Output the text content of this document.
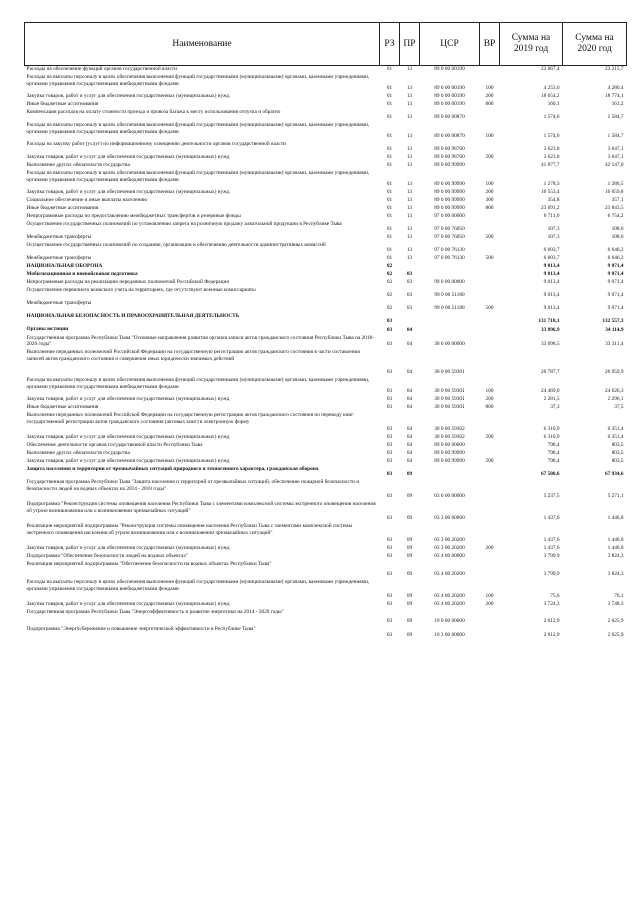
Наименование	РЗ	ПР	ЦСР	ВР	Сумма на 2019 год	Сумма на 2020 год
Расходы на обеспечение функций органов государственной власти	01	13	89 0 00 00190		23 067,4	23 215,7
Расходы на выплаты персоналу в целях обеспечения выполнения функций государственными (муниципальными) органами, казенными учреждениями, органами управления государственными внебюджетными фондами	01	13	89 0 00 00190	100	4 253,0	4 280,4
Закупка товаров, работ и услуг для обеспечения государственных (муниципальных) нужд	01	13	89 0 00 00190	200	18 654,2	18 774,1
Иные бюджетные ассигнования	01	13	89 0 00 00190	800	160,1	161,2
Компенсация расходов на оплату стоимости проезда и провоза багажа к месту использования отпуска и обратно	01	13	89 0 00 00870		1 574,6	1 584,7
Расходы на выплаты персоналу в целях обеспечения выполнения функций государственными (муниципальными) органами, казенными учреждениями, органами управления государственными внебюджетными фондами	01	13	89 0 00 00870	100	1 574,6	1 584,7
Расходы на закупку работ (услуг) по информационному освещению деятельности органов государственной власти	01	13	89 0 00 98700		3 623,8	3 647,1
Закупка товаров, работ и услуг для обеспечения государственных (муниципальных) нужд	01	13	89 0 00 98700	200	3 623,8	3 647,1
Выполнение других обязательств государства	01	13	89 0 00 99990		41 877,7	42 147,0
Расходы на выплаты персоналу в целях обеспечения выполнения функций государственными (муниципальными) органами, казенными учреждениями, органами управления государственными внебюджетными фондами	01	13	89 0 00 99990	100	1 278,3	1 286,5
Закупка товаров, работ и услуг для обеспечения государственных (муниципальных) нужд	01	13	89 0 00 99990	200	16 553,4	16 659,8
Социальное обеспечение и иные выплаты населению	01	13	89 0 00 99990	300	354,8	357,1
Иные бюджетные ассигнования	01	13	89 0 00 99990	800	23 691,2	23 843,5
Непрограммные расходы по предоставлению межбюджетных трансфертов и резервные фонды	01	13	97 0 00 00000		6 711,0	6 754,2
Осуществление государственных полномочий по установлению запрета на розничную продажу алкогольной продукции в Республике Тыва	01	13	97 0 00 76050		107,3	108,0
Межбюджетные трансферты	01	13	97 0 00 76050	500	107,3	108,0
Осуществление государственных полномочий по созданию, организации и обеспечению деятельности административных комиссий	01	13	97 0 00 76130		6 603,7	6 646,2
Межбюджетные трансферты	01	13	97 0 00 76130	500	6 603,7	6 646,2
НАЦИОНАЛЬНАЯ ОБОРОНА	02				9 013,4	9 071,4
Мобилизационная и вневойсковая подготовка	02	03			9 013,4	9 071,4
Непрограммные расходы на реализацию переданных полномочий Российской Федерации	02	03	99 0 00 00000		9 013,4	9 071,4
Осуществление первичного воинского учета на территориях, где отсутствуют военные комиссариаты	02	03	99 0 00 51180		9 013,4	9 071,4
Межбюджетные трансферты	02	03	99 0 00 51180	500	9 013,4	9 071,4
НАЦИОНАЛЬНАЯ БЕЗОПАСНОСТЬ И ПРАВООХРАНИТЕЛЬНАЯ ДЕЯТЕЛЬНОСТЬ	03				131 710,1	132 557,3
Органы юстиции	03	04			33 896,9	34 114,9
Государственная программа Республики Тыва "Основные направления развития органов записи актов гражданского состояния Республики Тыва на 2018-2020 годы"	03	04	30 0 00 00000		33 098,5	33 311,4
Выполнение переданных полномочий Российской Федерации на государственную регистрацию актов гражданского состояния в части составления записей актов гражданского состояния и совершения иных юридически значимых действий	03	04	30 0 00 59301		26 787,7	26 959,9
Расходы на выплаты персоналу в целях обеспечения выполнения функций государственными (муниципальными) органами, казенными учреждениями, органами управления государственными внебюджетными фондами	03	04	30 0 00 59301	100	24 469,0	24 626,3
Закупка товаров, работ и услуг для обеспечения государственных (муниципальных) нужд	03	04	30 0 00 59301	200	2 281,5	2 296,1
Иные бюджетные ассигнования	03	04	30 0 00 59301	800	37,3	37,5
Выполнение переданных полномочий Российской Федерации на государственную регистрацию актов гражданского состояния по переводу книг государственной регистрации актов гражданского состояния (актовых книг) в электронную форму	03	04	30 0 00 59302		6 310,9	6 351,4
Закупка товаров, работ и услуг для обеспечения государственных (муниципальных) нужд	03	04	30 0 00 59302	200	6 310,9	6 351,4
Обеспечение деятельности органов государственной власти Республики Тыва	03	04	89 0 00 00000		798,4	803,5
Выполнение других обязательств государства	03	04	89 0 00 99990		798,4	803,5
Закупка товаров, работ и услуг для обеспечения государственных (муниципальных) нужд	03	04	89 0 00 99990	200	798,4	803,5
Защита населения и территории от чрезвычайных ситуаций природного и техногенного характера, гражданская оборона	03	09			67 500,6	67 934,6
Государственная программа Республики Тыва "Защита населения и территорий от чрезвычайных ситуаций, обеспечение пожарной безопасности и безопасности людей на водных объектах на 2014 - 2018 годы"	03	09	03 0 00 00000		5 237,5	5 271,1
Подпрограмма "Реконструкция системы оповещения населения Республики Тыва с элементами комплексной системы экстренного оповещения населения об угрозе возникновения или о возникновении чрезвычайных ситуаций"	03	09	03 3 00 00000		1 437,6	1 446,8
Реализация мероприятий подпрограммы "Реконструкция системы оповещения населения Республики Тыва с элементами комплексной системы экстренного оповещения населения об угрозе возникновения или о возникновении чрезвычайных ситуаций"	03	09	03 3 00 20200		1 437,6	1 446,8
Закупка товаров, работ и услуг для обеспечения государственных (муниципальных) нужд	03	09	03 3 00 20200	200	1 437,6	1 446,8
Подпрограмма "Обеспечение безопасности людей на водных объектах"	03	09	03 4 00 00000		3 799,9	3 824,3
Реализация мероприятий подпрограммы "Обеспечение безопасности на водных объектах Республики Тыва"	03	09	03 4 00 20200		3 799,9	3 824,3
Расходы на выплаты персоналу в целях обеспечения выполнения функций государственными (муниципальными) органами, казенными учреждениями, органами управления государственными внебюджетными фондами	03	09	03 4 00 20200	100	75,6	76,1
Закупка товаров, работ и услуг для обеспечения государственных (муниципальных) нужд	03	09	03 4 00 20200	200	3 724,3	3 748,3
Государственная программа Республики Тыва "Энергоэффективность и развитие энергетики на 2014 - 2020 годы"	03	09	19 0 00 00000		2 012,9	2 025,9
Подпрограмма "Энергосбережение и повышение энергетической эффективности в Республике Тыва"	03	09	19 3 00 00000		2 012,9	2 025,9
